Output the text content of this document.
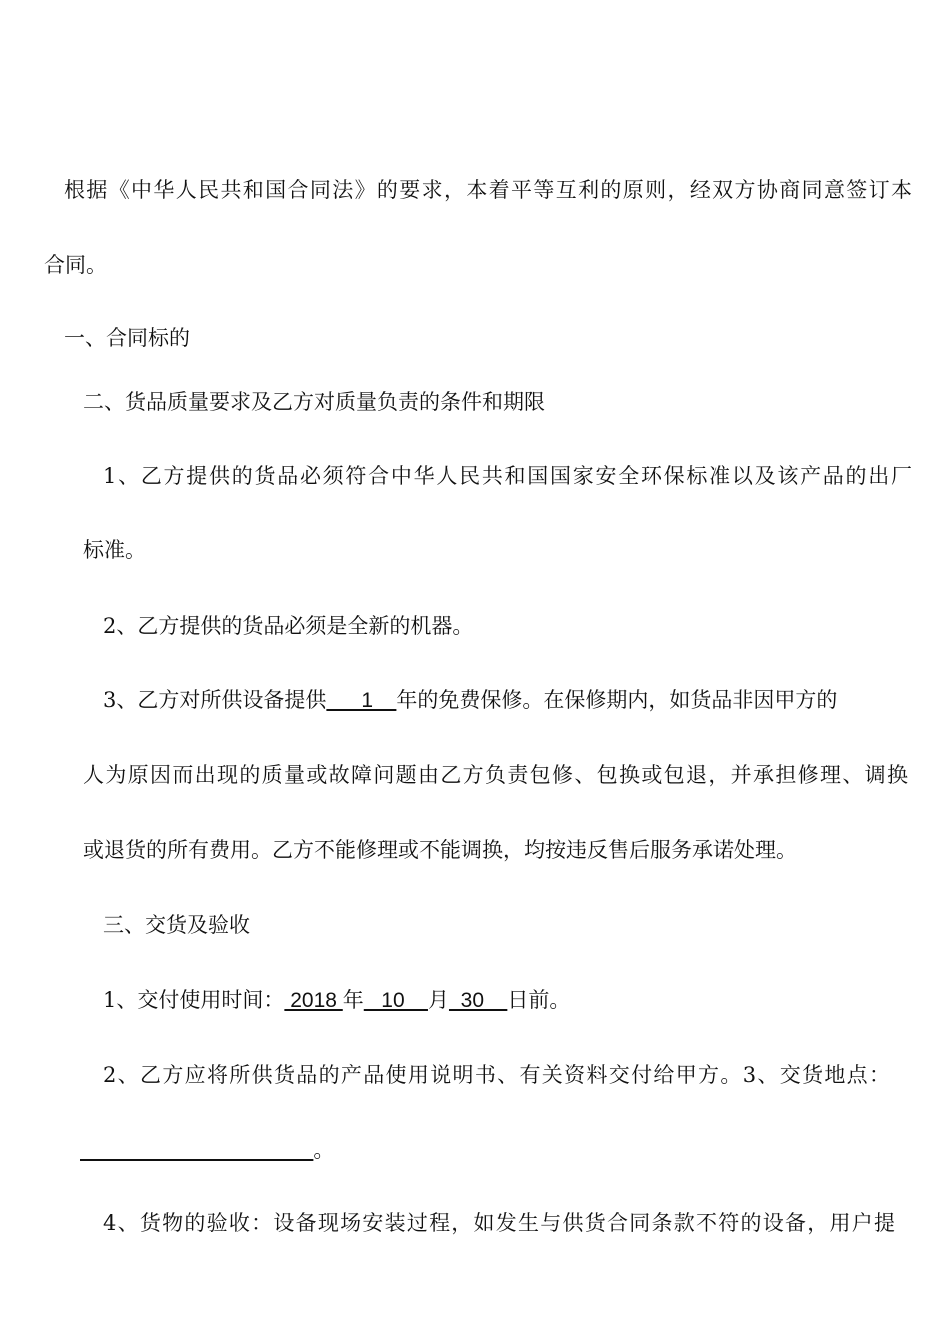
根据《中华人民共和国合同法》的要求，本着平等互利的原则，经双方协商同意签订本
合同。
一、合同标的
二、货品质量要求及乙方对质量负责的条件和期限
1、乙方提供的货品必须符合中华人民共和国国家安全环保标准以及该产品的出厂
标准。
2、乙方提供的货品必须是全新的机器。
3、乙方对所供设备提供      1    年的免费保修。在保修期内，如货品非因甲方的
人为原因而出现的质量或故障问题由乙方负责包修、包换或包退，并承担修理、调换
或退货的所有费用。乙方不能修理或不能调换，均按违反售后服务承诺处理。
三、交货及验收
1、交付使用时间： 2018 年   10    月  30    日前。
2、乙方应将所供货品的产品使用说明书、有关资料交付给甲方。3、交货地点：
。
4、货物的验收：设备现场安装过程，如发生与供货合同条款不符的设备，用户提
